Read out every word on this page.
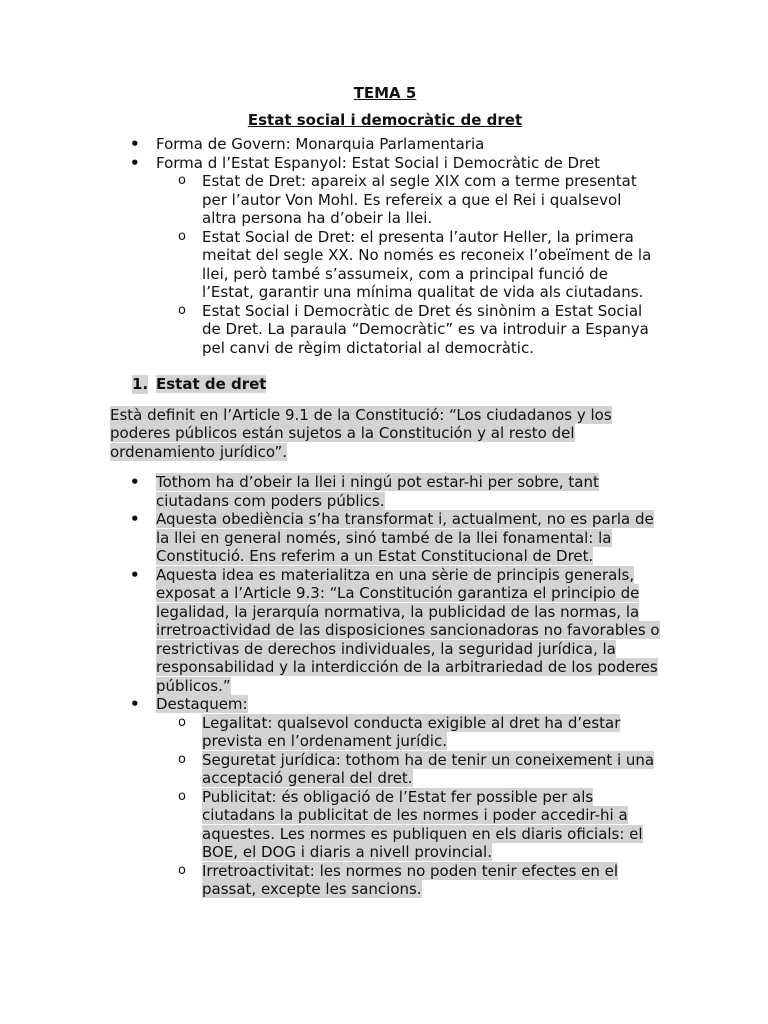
TEMA 5
Estat social i democràtic de dret
• Forma de Govern: Monarquia Parlamentaria
• Forma d l’Estat Espanyol: Estat Social i Democràtic de Dret
o Estat de Dret: apareix al segle XIX com a terme presentat per l’autor Von Mohl. Es refereix a que el Rei i qualsevol altra persona ha d’obeir la llei.
o Estat Social de Dret: el presenta l’autor Heller, la primera meitat del segle XX. No només es reconeix l’obeïment de la llei, però també s’assumeix, com a principal funció de l’Estat, garantir una mínima qualitat de vida als ciutadans.
o Estat Social i Democràtic de Dret és sinònim a Estat Social de Dret. La paraula “Democràtic” es va introduir a Espanya pel canvi de règim dictatorial al democràtic.
1. Estat de dret

Està definit en l’Article 9.1 de la Constitució: “Los ciudadanos y los poderes públicos están sujetos a la Constitución y al resto del ordenamiento jurídico”.

• Tothom ha d’obeir la llei i ningú pot estar-hi per sobre, tant ciutadans com poders públics.
• Aquesta obediència s’ha transformat i, actualment, no es parla de la llei en general només, sinó també de la llei fonamental: la Constitució. Ens referim a un Estat Constitucional de Dret.
• Aquesta idea es materialitza en una sèrie de principis generals, exposat a l’Article 9.3: “La Constitución garantiza el principio de legalidad, la jerarquía normativa, la publicidad de las normas, la irretroactividad de las disposiciones sancionadoras no favorables o restrictivas de derechos individuales, la seguridad jurídica, la responsabilidad y la interdicción de la arbitrariedad de los poderes públicos.”
• Destaquem:
o Legalitat: qualsevol conducta exigible al dret ha d’estar prevista en l’ordenament jurídic.
o Seguretat jurídica: tothom ha de tenir un coneixement i una acceptació general del dret.
o Publicitat: és obligació de l’Estat fer possible per als ciutadans la publicitat de les normes i poder accedir-hi a aquestes. Les normes es publiquen en els diaris oficials: el BOE, el DOG i diaris a nivell provincial.
o Irretroactivitat: les normes no poden tenir efectes en el passat, excepte les sancions.
